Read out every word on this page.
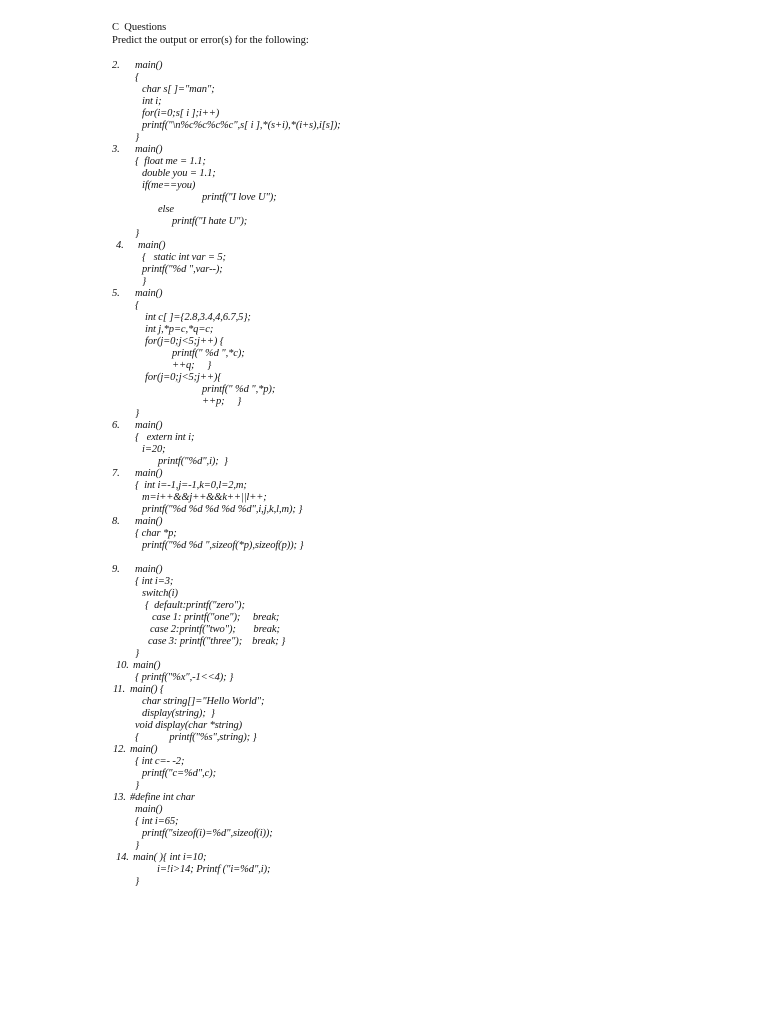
C  Questions
Predict the output or error(s) for the following:
2. main()
{
char s[ ]="man";
int i;
for(i=0;s[ i ];i++)
printf("\n%c%c%c%c",s[ i ],*(s+i),*(i+s),i[s]);
}
3. main()
{  float me = 1.1;
double you = 1.1;
if(me==you)
printf("I love U");
else
printf("I hate U");
}
4. main()
{   static int var = 5;
printf("%d ",var--);
}
5. main()
{
int c[ ]={2.8,3.4,4,6.7,5};
int j,*p=c,*q=c;
for(j=0;j<5;j++) {
printf(" %d ",*c);
++q;     }
for(j=0;j<5;j++){
printf(" %d ",*p);
++p;     }
}
6. main()
{   extern int i;
i=20;
printf("%d",i);  }
7. main()
{  int i=-1,j=-1,k=0,l=2,m;
m=i++&&j++&&k++||l++;
printf("%d %d %d %d %d",i,j,k,l,m); }
8. main()
{ char *p;
printf("%d %d ",sizeof(*p),sizeof(p)); }
9. main()
{ int i=3;
switch(i)
{  default:printf("zero");
case 1: printf("one");     break;
case 2:printf("two");       break;
case 3: printf("three");    break; }
}
10. main()
{ printf("%x",-1<<4); }
11. main() {
char string[]="Hello World";
display(string);  }
void display(char *string)
{            printf("%s",string); }
12. main()
{ int c=- -2;
printf("c=%d",c);
}
13. #define int char
main()
{ int i=65;
printf("sizeof(i)=%d",sizeof(i));
}
14. main( ){ int i=10;
i=!i>14; Printf ("i=%d",i);
}
